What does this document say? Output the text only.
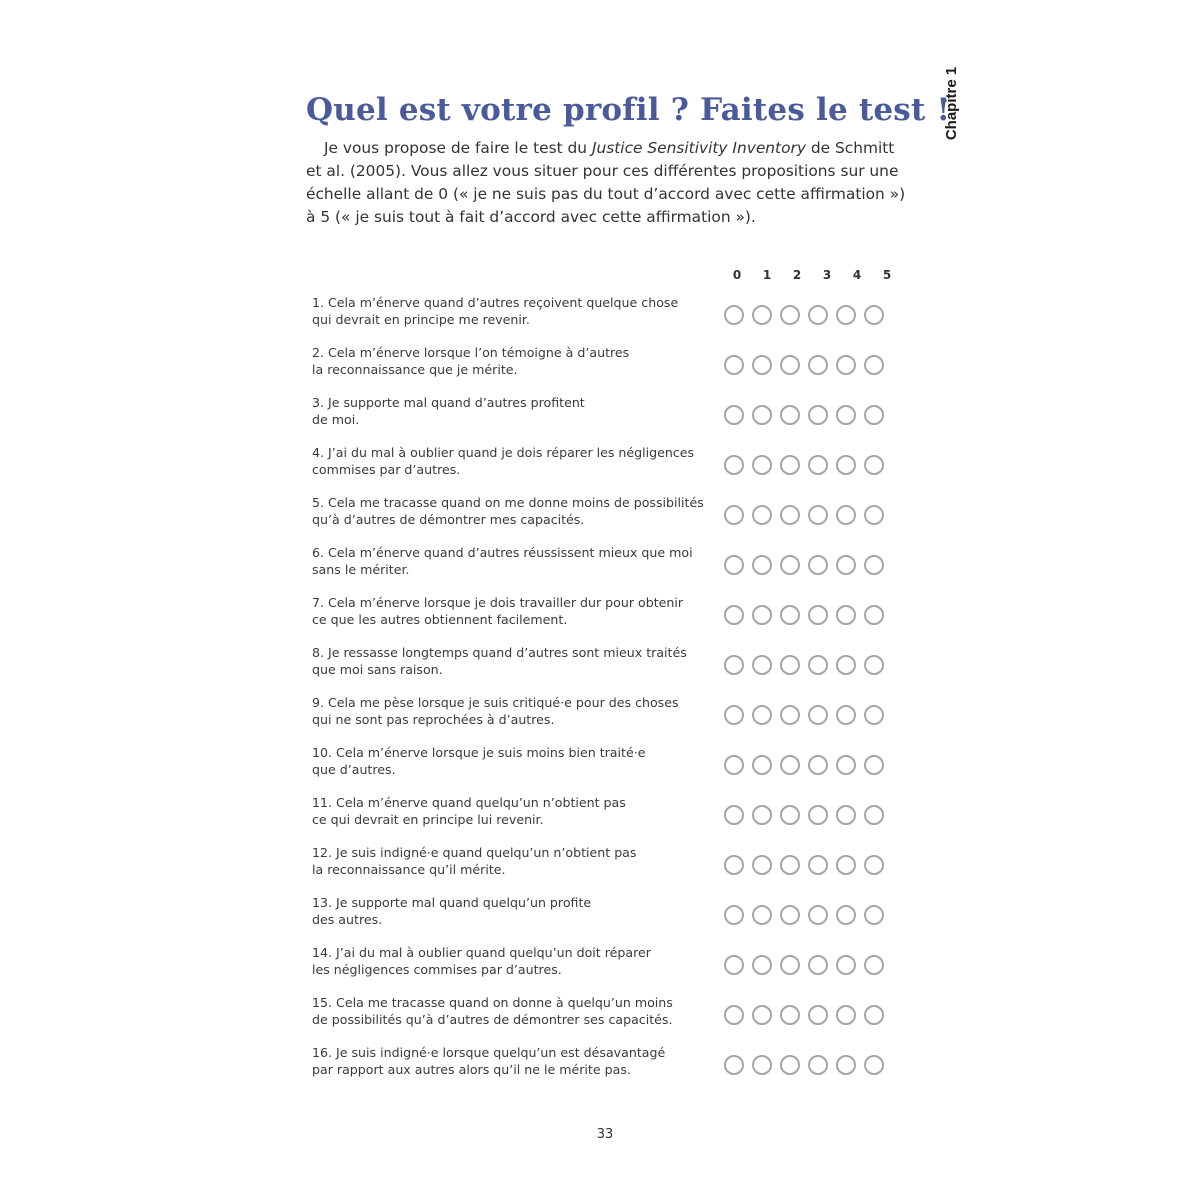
Chapitre 1
Quel est votre profil ? Faites le test !

Je vous propose de faire le test du Justice Sensitivity Inventory de Schmitt et al. (2005). Vous allez vous situer pour ces différentes propositions sur une échelle allant de 0 (« je ne suis pas du tout d’accord avec cette affirmation ») à 5 (« je suis tout à fait d’accord avec cette affirmation »).

0	1	2	3	4	5

1. Cela m’énerve quand d’autres reçoivent quelque chose
qui devrait en principe me revenir.

2. Cela m’énerve lorsque l’on témoigne à d’autres
la reconnaissance que je mérite.

3. Je supporte mal quand d’autres profitent
de moi.

4. J’ai du mal à oublier quand je dois réparer les négligences
commises par d’autres.

5. Cela me tracasse quand on me donne moins de possibilités
qu’à d’autres de démontrer mes capacités.

6. Cela m’énerve quand d’autres réussissent mieux que moi
sans le mériter.

7. Cela m’énerve lorsque je dois travailler dur pour obtenir
ce que les autres obtiennent facilement.

8. Je ressasse longtemps quand d’autres sont mieux traités
que moi sans raison.

9. Cela me pèse lorsque je suis critiqué·e pour des choses
qui ne sont pas reprochées à d’autres.

10. Cela m’énerve lorsque je suis moins bien traité·e
que d’autres.

11. Cela m’énerve quand quelqu’un n’obtient pas
ce qui devrait en principe lui revenir.

12. Je suis indigné·e quand quelqu’un n’obtient pas
la reconnaissance qu’il mérite.

13. Je supporte mal quand quelqu’un profite
des autres.

14. J’ai du mal à oublier quand quelqu’un doit réparer
les négligences commises par d’autres.

15. Cela me tracasse quand on donne à quelqu’un moins
de possibilités qu’à d’autres de démontrer ses capacités.

16. Je suis indigné·e lorsque quelqu’un est désavantagé
par rapport aux autres alors qu’il ne le mérite pas.

33
